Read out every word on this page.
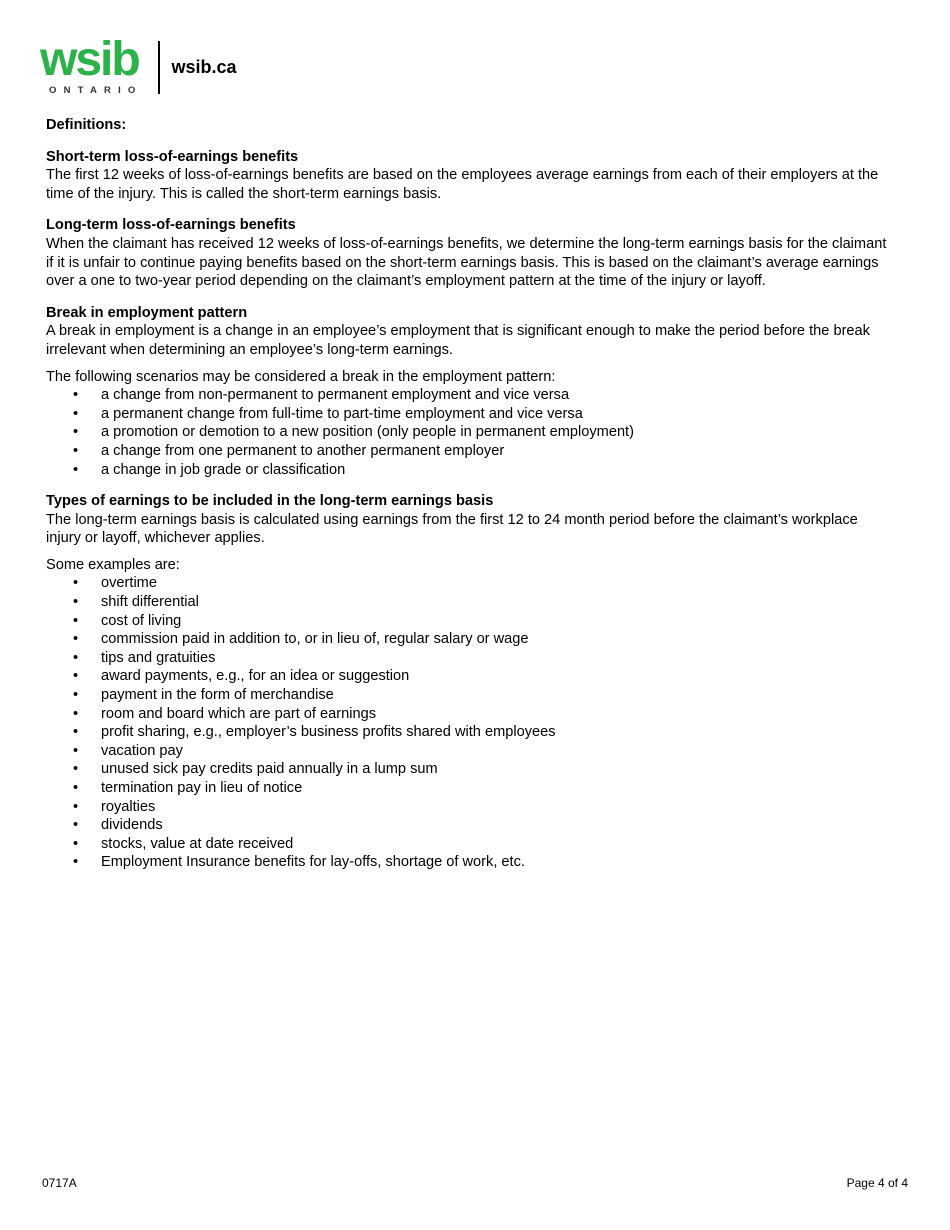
wsib
ONTARIO
wsib.ca

Definitions:

Short-term loss-of-earnings benefits

The first 12 weeks of loss-of-earnings benefits are based on the employees average earnings from each of their employers at the time of the injury. This is called the short-term earnings basis.

Long-term loss-of-earnings benefits

When the claimant has received 12 weeks of loss-of-earnings benefits, we determine the long-term earnings basis for the claimant if it is unfair to continue paying benefits based on the short-term earnings basis. This is based on the claimant’s average earnings over a one to two-year period depending on the claimant’s employment pattern at the time of the injury or layoff.

Break in employment pattern

A break in employment is a change in an employee’s employment that is significant enough to make the period before the break irrelevant when determining an employee’s long-term earnings.

The following scenarios may be considered a break in the employment pattern:

• a change from non-permanent to permanent employment and vice versa
• a permanent change from full-time to part-time employment and vice versa
• a promotion or demotion to a new position (only people in permanent employment)
• a change from one permanent to another permanent employer
• a change in job grade or classification

Types of earnings to be included in the long-term earnings basis

The long-term earnings basis is calculated using earnings from the first 12 to 24 month period before the claimant’s workplace injury or layoff, whichever applies.

Some examples are:

• overtime
• shift differential
• cost of living
• commission paid in addition to, or in lieu of, regular salary or wage
• tips and gratuities
• award payments, e.g., for an idea or suggestion
• payment in the form of merchandise
• room and board which are part of earnings
• profit sharing, e.g., employer’s business profits shared with employees
• vacation pay
• unused sick pay credits paid annually in a lump sum
• termination pay in lieu of notice
• royalties
• dividends
• stocks, value at date received
• Employment Insurance benefits for lay-offs, shortage of work, etc.
0717A	Page 4 of 4
